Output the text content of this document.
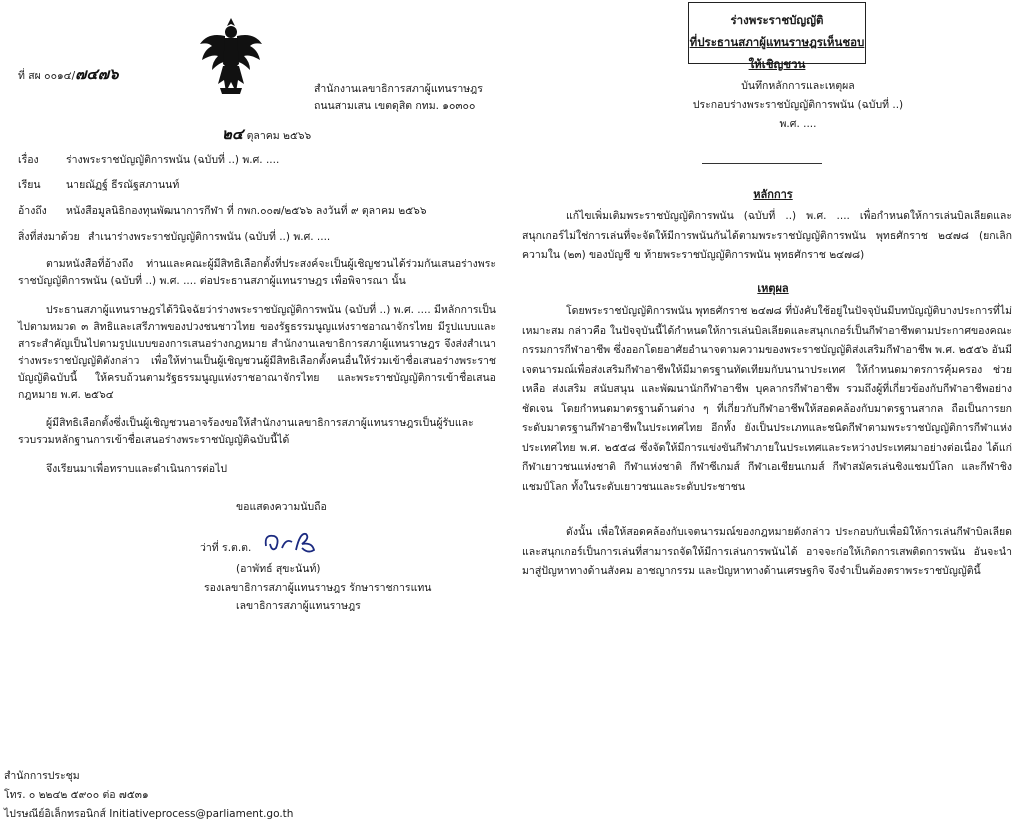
ที่ สผ ๐๐๑๔/๗๔๗๖
สำนักงานเลขาธิการสภาผู้แทนราษฎร
ถนนสามเสน เขตดุสิต กทม. ๑๐๓๐๐
๒๔ ตุลาคม ๒๕๖๖
เรื่อง	ร่างพระราชบัญญัติการพนัน (ฉบับที่ ..) พ.ศ. ....
เรียน นายณัฏฐ์ ธีรณัฐสภานนท์
อ้างถึง หนังสือมูลนิธิกองทุนพัฒนาการกีฬา ที่ กพก.๐๐๗/๒๕๖๖ ลงวันที่ ๙ ตุลาคม ๒๕๖๖
สิ่งที่ส่งมาด้วย สำเนาร่างพระราชบัญญัติการพนัน (ฉบับที่ ..) พ.ศ. ....
ตามหนังสือที่อ้างถึง ท่านและคณะผู้มีสิทธิเลือกตั้งที่ประสงค์จะเป็นผู้เชิญชวนได้ร่วมกันเสนอร่างพระราชบัญญัติการพนัน (ฉบับที่ ..) พ.ศ. .... ต่อประธานสภาผู้แทนราษฎร เพื่อพิจารณา นั้น
ประธานสภาผู้แทนราษฎรได้วินิจฉัยว่าร่างพระราชบัญญัติการพนัน (ฉบับที่ ..) พ.ศ. .... มีหลักการเป็นไปตามหมวด ๓ สิทธิและเสรีภาพของปวงชนชาวไทย ของรัฐธรรมนูญแห่งราชอาณาจักรไทย มีรูปแบบและสาระสำคัญเป็นไปตามรูปแบบของการเสนอร่างกฎหมาย สำนักงานเลขาธิการสภาผู้แทนราษฎร จึงส่งสำเนาร่างพระราชบัญญัติดังกล่าว เพื่อให้ท่านเป็นผู้เชิญชวนผู้มีสิทธิเลือกตั้งคนอื่นให้ร่วมเข้าชื่อเสนอร่างพระราชบัญญัติฉบับนี้ ให้ครบถ้วนตามรัฐธรรมนูญแห่งราชอาณาจักรไทย และพระราชบัญญัติการเข้าชื่อเสนอกฎหมาย พ.ศ. ๒๕๖๔
ผู้มีสิทธิเลือกตั้งซึ่งเป็นผู้เชิญชวนอาจร้องขอให้สำนักงานเลขาธิการสภาผู้แทนราษฎรเป็นผู้รับและรวบรวมหลักฐานการเข้าชื่อเสนอร่างพระราชบัญญัติฉบับนี้ได้
จึงเรียนมาเพื่อทราบและดำเนินการต่อไป
ขอแสดงความนับถือ
ว่าที่ ร.ต.ต.
(อาพัทธ์ สุขะนันท์)
รองเลขาธิการสภาผู้แทนราษฎร รักษาราชการแทน
เลขาธิการสภาผู้แทนราษฎร
สำนักการประชุม
โทร. ๐ ๒๒๔๒ ๕๙๐๐ ต่อ ๗๕๓๑
ไปรษณีย์อิเล็กทรอนิกส์ Initiativeprocess@parliament.go.th
ร่างพระราชบัญญัติ
ที่ประธานสภาผู้แทนราษฎรเห็นชอบให้เชิญชวน
บันทึกหลักการและเหตุผล
ประกอบร่างพระราชบัญญัติการพนัน (ฉบับที่ ..)
พ.ศ. ....
หลักการ
แก้ไขเพิ่มเติมพระราชบัญญัติการพนัน (ฉบับที่ ..) พ.ศ. .... เพื่อกำหนดให้การเล่นบิลเลียดและสนุกเกอร์ไม่ใช่การเล่นที่จะจัดให้มีการพนันกันได้ตามพระราชบัญญัติการพนัน พุทธศักราช ๒๔๗๘ (ยกเลิกความใน (๒๓) ของบัญชี ข ท้ายพระราชบัญญัติการพนัน พุทธศักราช ๒๔๗๘)
เหตุผล
โดยพระราชบัญญัติการพนัน พุทธศักราช ๒๔๗๘ ที่บังคับใช้อยู่ในปัจจุบันมีบทบัญญัติบางประการที่ไม่เหมาะสม กล่าวคือ ในปัจจุบันนี้ได้กำหนดให้การเล่นบิลเลียดและสนุกเกอร์เป็นกีฬาอาชีพตามประกาศของคณะกรรมการกีฬาอาชีพ ซึ่งออกโดยอาศัยอำนาจตามความของพระราชบัญญัติส่งเสริมกีฬาอาชีพ พ.ศ. ๒๕๕๖ อันมีเจตนารมณ์เพื่อส่งเสริมกีฬาอาชีพให้มีมาตรฐานทัดเทียมกับนานาประเทศ ให้กำหนดมาตรการคุ้มครอง ช่วยเหลือ ส่งเสริม สนับสนุน และพัฒนานักกีฬาอาชีพ บุคลากรกีฬาอาชีพ รวมถึงผู้ที่เกี่ยวข้องกับกีฬาอาชีพอย่างชัดเจน โดยกำหนดมาตรฐานด้านต่าง ๆ ที่เกี่ยวกับกีฬาอาชีพให้สอดคล้องกับมาตรฐานสากล ถือเป็นการยกระดับมาตรฐานกีฬาอาชีพในประเทศไทย อีกทั้ง ยังเป็นประเภทและชนิดกีฬาตามพระราชบัญญัติการกีฬาแห่งประเทศไทย พ.ศ. ๒๕๕๘ ซึ่งจัดให้มีการแข่งขันกีฬาภายในประเทศและระหว่างประเทศมาอย่างต่อเนื่อง ได้แก่ กีฬาเยาวชนแห่งชาติ กีฬาแห่งชาติ กีฬาซีเกมส์ กีฬาเอเชียนเกมส์ กีฬาสมัครเล่นชิงแชมป์โลก และกีฬาชิงแชมป์โลก ทั้งในระดับเยาวชนและระดับประชาชน
ดังนั้น เพื่อให้สอดคล้องกับเจตนารมณ์ของกฎหมายดังกล่าว ประกอบกับเพื่อมิให้การเล่นกีฬาบิลเลียดและสนุกเกอร์เป็นการเล่นที่สามารถจัดให้มีการเล่นการพนันได้ อาจจะก่อให้เกิดการเสพติดการพนัน อันจะนำมาสู่ปัญหาทางด้านสังคม อาชญากรรม และปัญหาทางด้านเศรษฐกิจ จึงจำเป็นต้องตราพระราชบัญญัตินี้
